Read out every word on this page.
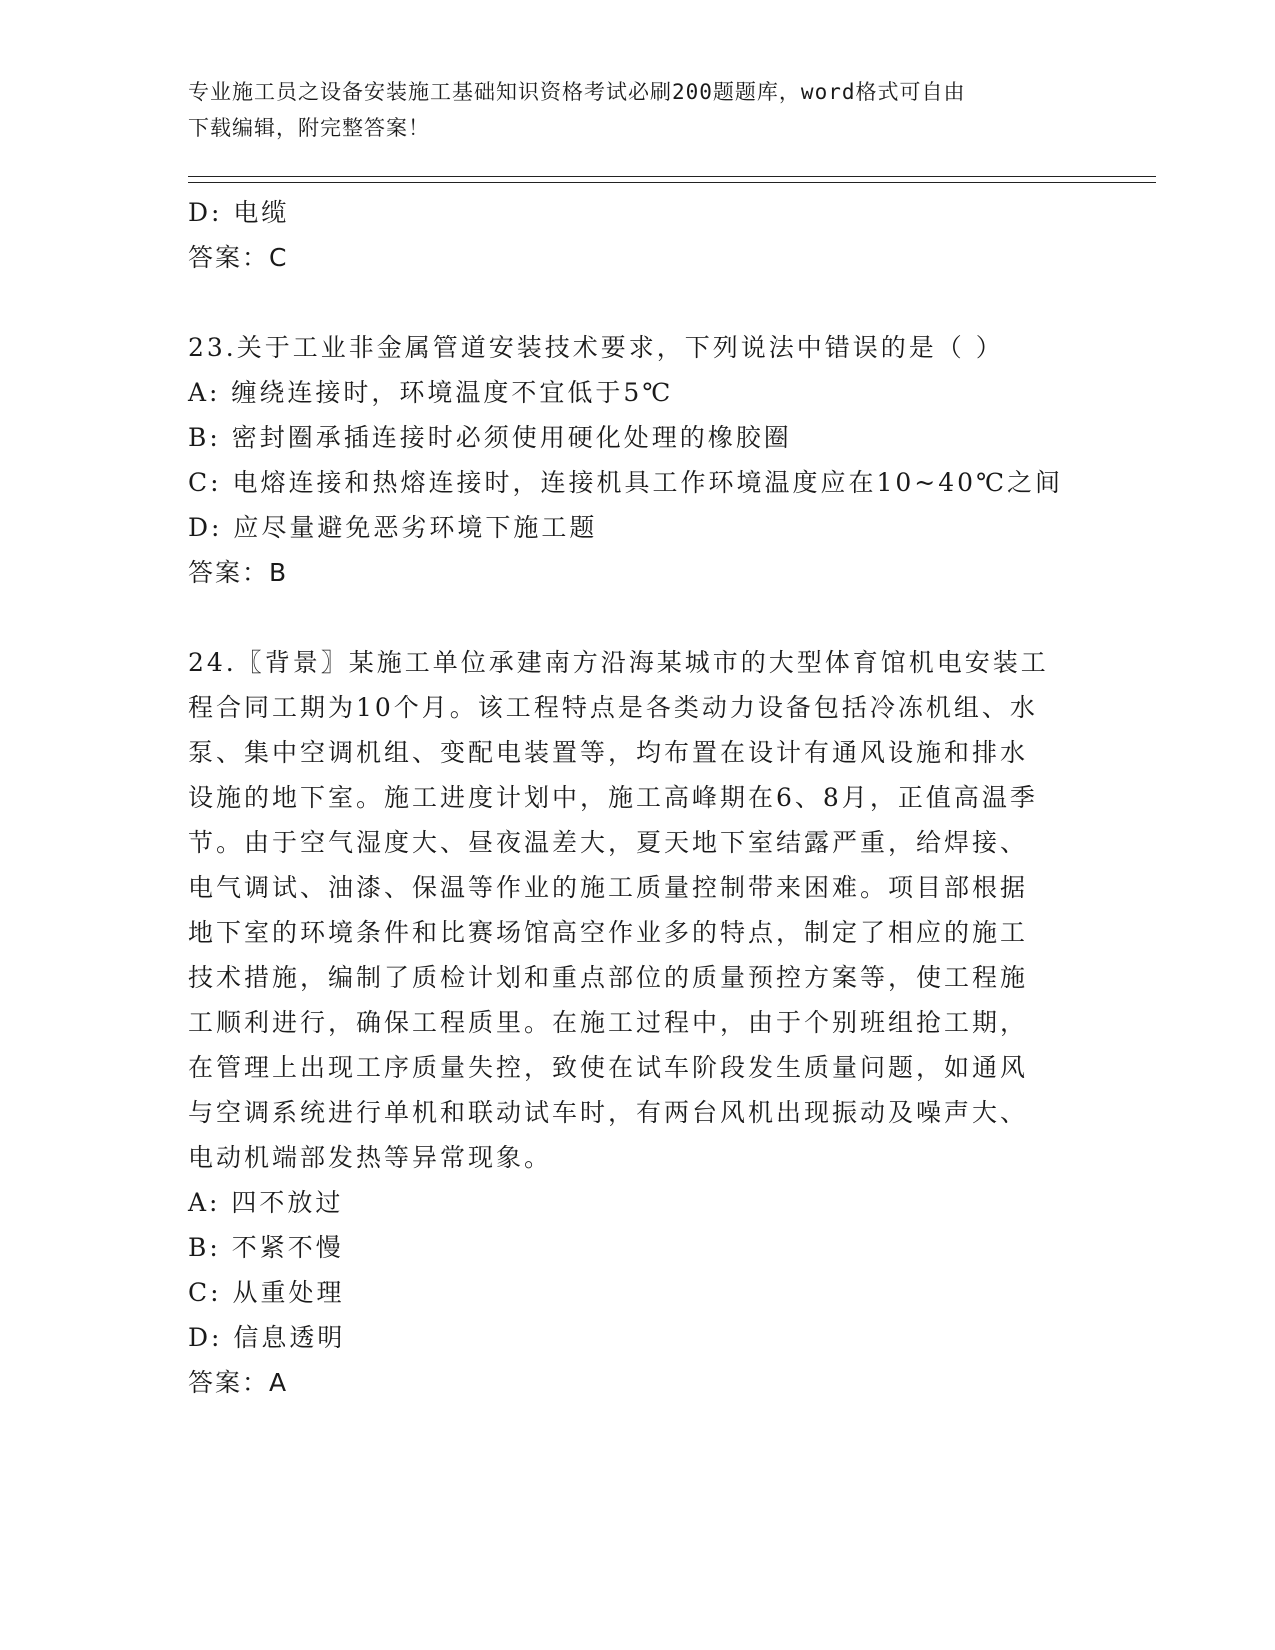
专业施工员之设备安装施工基础知识资格考试必刷200题题库，word格式可自由
下载编辑，附完整答案！
D: 电缆
答案：C
23.关于工业非金属管道安装技术要求，下列说法中错误的是（ ）
A: 缠绕连接时，环境温度不宜低于5℃
B: 密封圈承插连接时必须使用硬化处理的橡胶圈
C: 电熔连接和热熔连接时，连接机具工作环境温度应在10~40℃之间
D: 应尽量避免恶劣环境下施工题
答案：B
24.〖背景〗某施工单位承建南方沿海某城市的大型体育馆机电安装工
程合同工期为10个月。该工程特点是各类动力设备包括冷冻机组、水
泵、集中空调机组、变配电装置等，均布置在设计有通风设施和排水
设施的地下室。施工进度计划中，施工高峰期在6、8月，正值高温季
节。由于空气湿度大、昼夜温差大，夏天地下室结露严重，给焊接、
电气调试、油漆、保温等作业的施工质量控制带来困难。项目部根据
地下室的环境条件和比赛场馆高空作业多的特点，制定了相应的施工
技术措施，编制了质检计划和重点部位的质量预控方案等，使工程施
工顺利进行，确保工程质里。在施工过程中，由于个别班组抢工期，
在管理上出现工序质量失控，致使在试车阶段发生质量问题，如通风
与空调系统进行单机和联动试车时，有两台风机出现振动及噪声大、
电动机端部发热等异常现象。
A: 四不放过
B: 不紧不慢
C: 从重处理
D: 信息透明
答案：A
